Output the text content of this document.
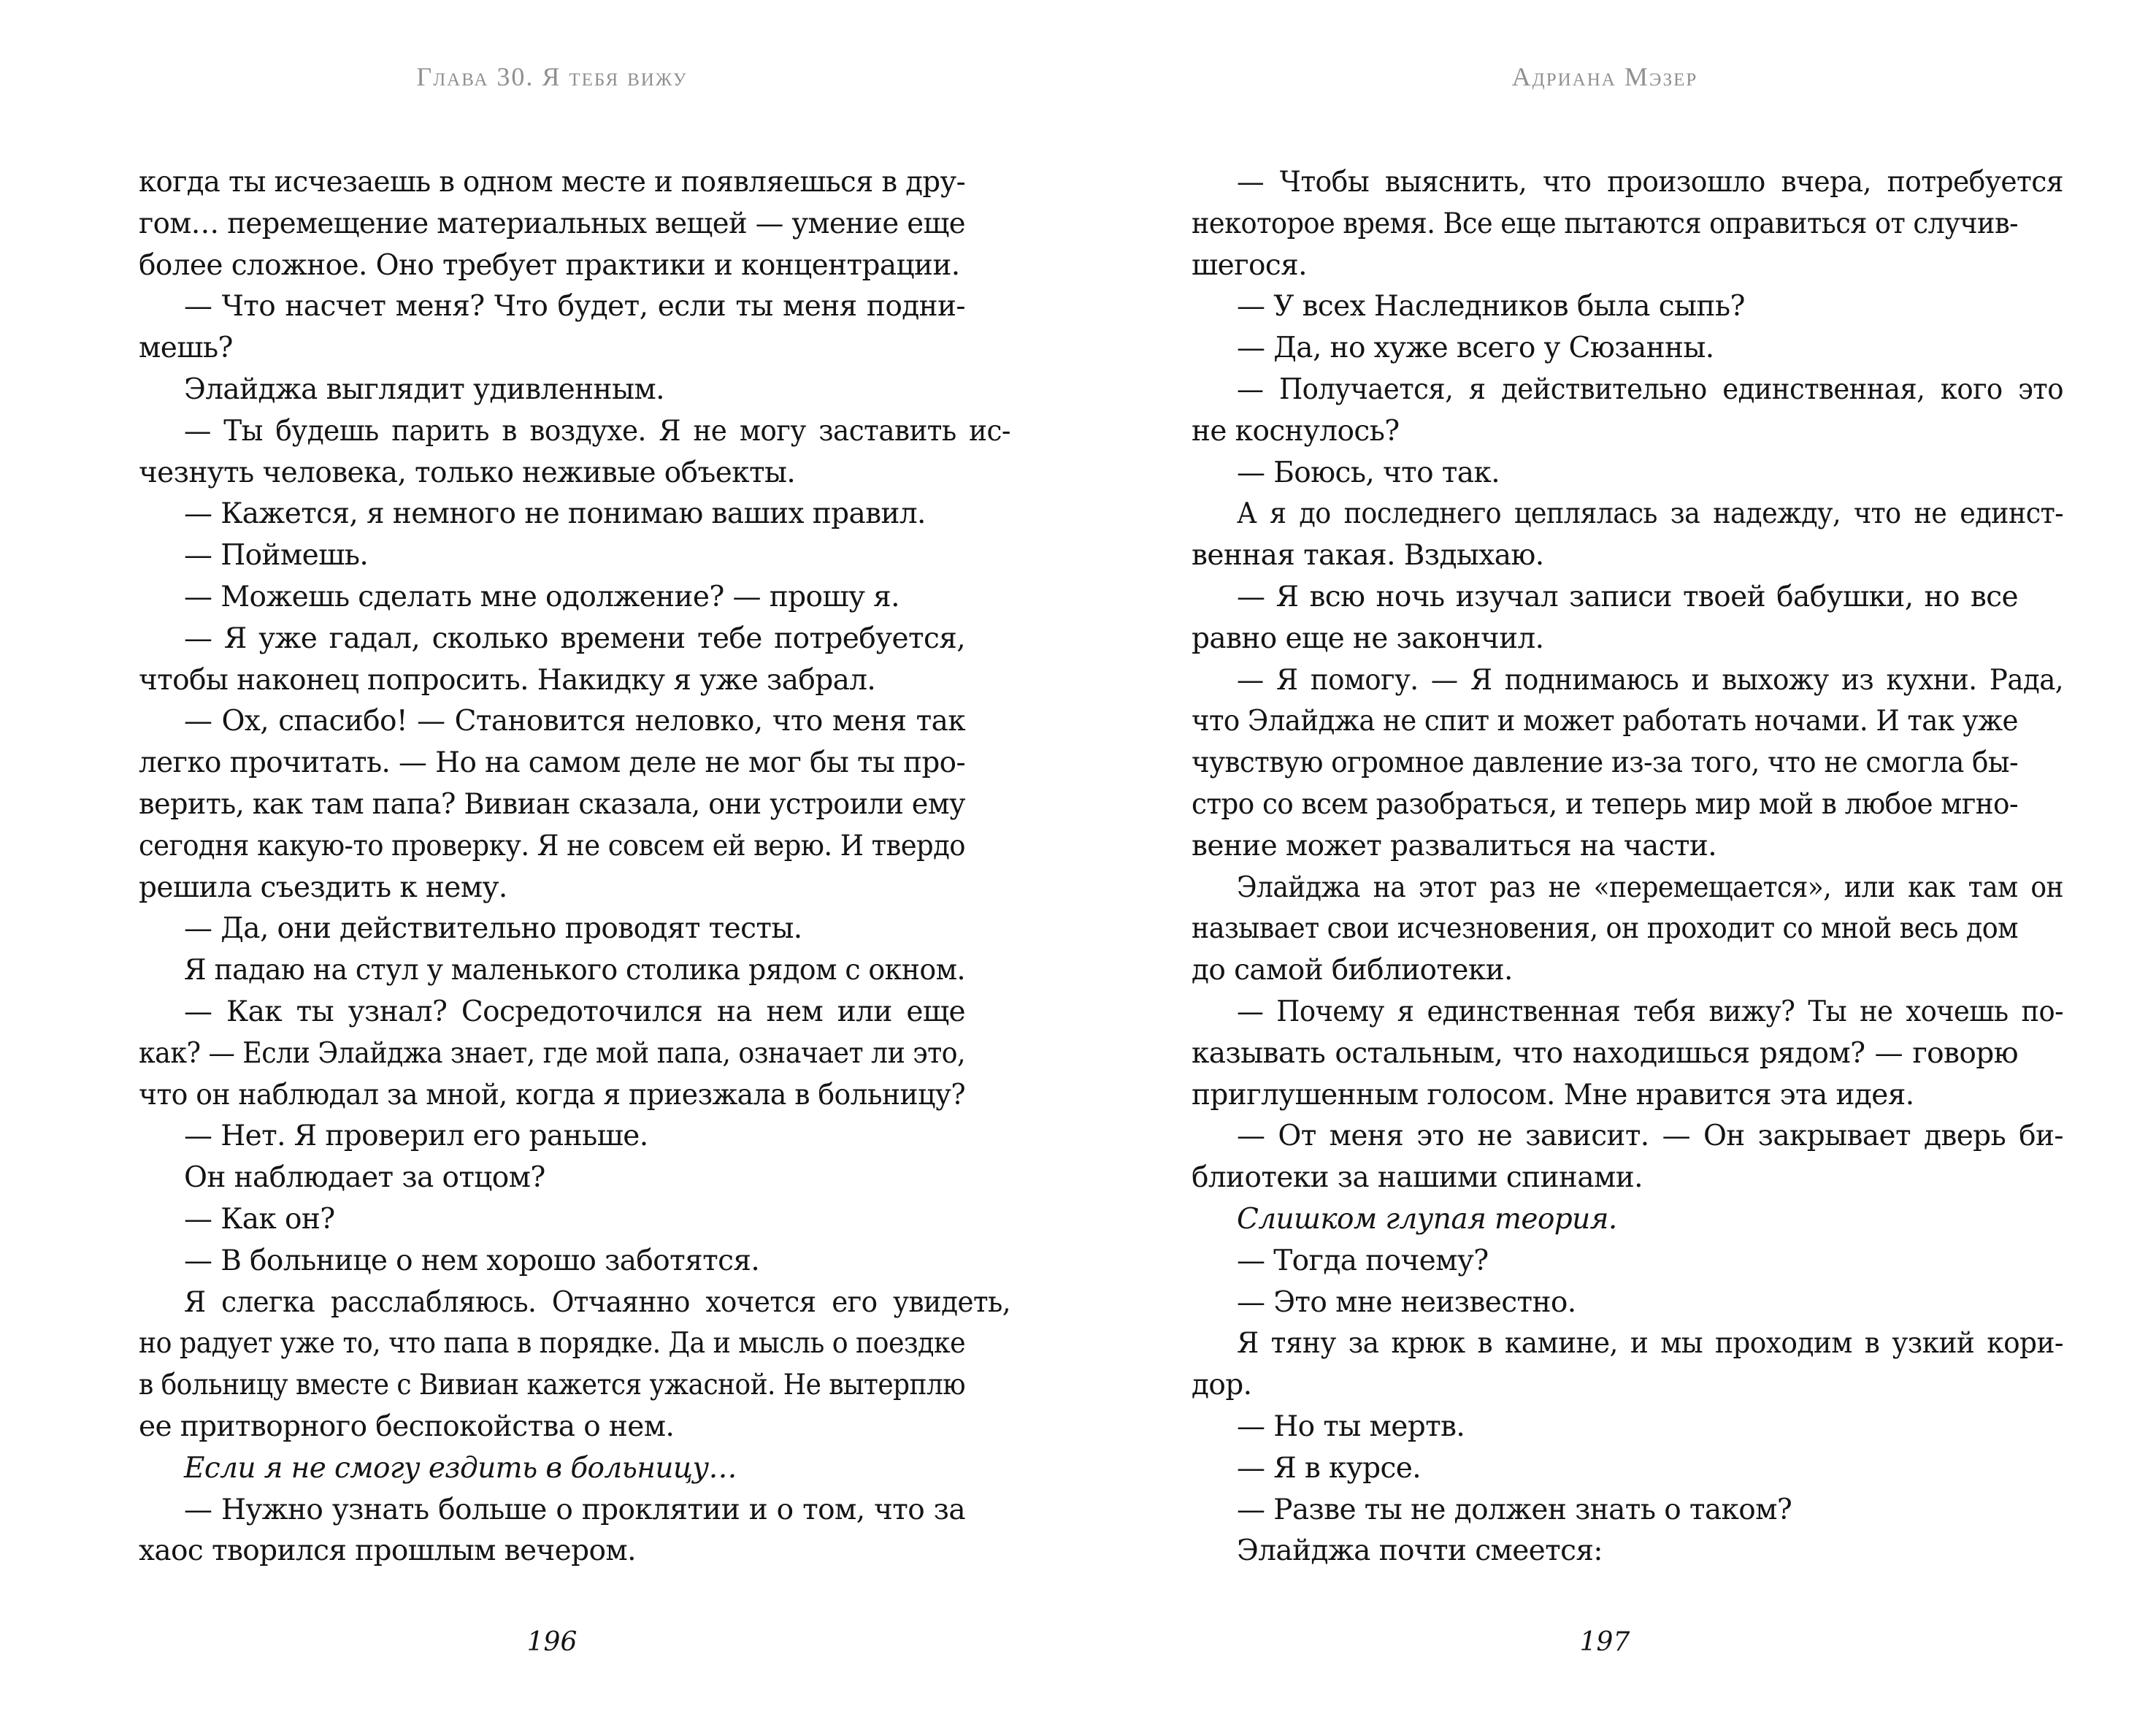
Глава 30. Я тебя вижу
когда ты исчезаешь в одном месте и появляешься в дру-
гом… перемещение материальных вещей — умение еще
более сложное. Оно требует практики и концентрации.
— Что насчет меня? Что будет, если ты меня подни-
мешь?
Элайджа выглядит удивленным.
— Ты будешь парить в воздухе. Я не могу заставить ис-
чезнуть человека, только неживые объекты.
— Кажется, я немного не понимаю ваших правил.
— Поймешь.
— Можешь сделать мне одолжение? — прошу я.
— Я уже гадал, сколько времени тебе потребуется,
чтобы наконец попросить. Накидку я уже забрал.
— Ох, спасибо! — Становится неловко, что меня так
легко прочитать. — Но на самом деле не мог бы ты про-
верить, как там папа? Вивиан сказала, они устроили ему
сегодня какую-то проверку. Я не совсем ей верю. И твердо
решила съездить к нему.
— Да, они действительно проводят тесты.
Я падаю на стул у маленького столика рядом с окном.
— Как ты узнал? Сосредоточился на нем или еще
как? — Если Элайджа знает, где мой папа, означает ли это,
что он наблюдал за мной, когда я приезжала в больницу?
— Нет. Я проверил его раньше.
Он наблюдает за отцом?
— Как он?
— В больнице о нем хорошо заботятся.
Я слегка расслабляюсь. Отчаянно хочется его увидеть,
но радует уже то, что папа в порядке. Да и мысль о поездке
в больницу вместе с Вивиан кажется ужасной. Не вытерплю
ее притворного беспокойства о нем.
Если я не смогу ездить в больницу…
— Нужно узнать больше о проклятии и о том, что за
хаос творился прошлым вечером.
196
Адриана Мэзер
— Чтобы выяснить, что произошло вчера, потребуется
некоторое время. Все еще пытаются оправиться от случив-
шегося.
— У всех Наследников была сыпь?
— Да, но хуже всего у Сюзанны.
— Получается, я действительно единственная, кого это
не коснулось?
— Боюсь, что так.
А я до последнего цеплялась за надежду, что не единст-
венная такая. Вздыхаю.
— Я всю ночь изучал записи твоей бабушки, но все
равно еще не закончил.
— Я помогу. — Я поднимаюсь и выхожу из кухни. Рада,
что Элайджа не спит и может работать ночами. И так уже
чувствую огромное давление из-за того, что не смогла бы-
стро со всем разобраться, и теперь мир мой в любое мгно-
вение может развалиться на части.
Элайджа на этот раз не «перемещается», или как там он
называет свои исчезновения, он проходит со мной весь дом
до самой библиотеки.
— Почему я единственная тебя вижу? Ты не хочешь по-
казывать остальным, что находишься рядом? — говорю
приглушенным голосом. Мне нравится эта идея.
— От меня это не зависит. — Он закрывает дверь би-
блиотеки за нашими спинами.
Слишком глупая теория.
— Тогда почему?
— Это мне неизвестно.
Я тяну за крюк в камине, и мы проходим в узкий кори-
дор.
— Но ты мертв.
— Я в курсе.
— Разве ты не должен знать о таком?
Элайджа почти смеется:
197
